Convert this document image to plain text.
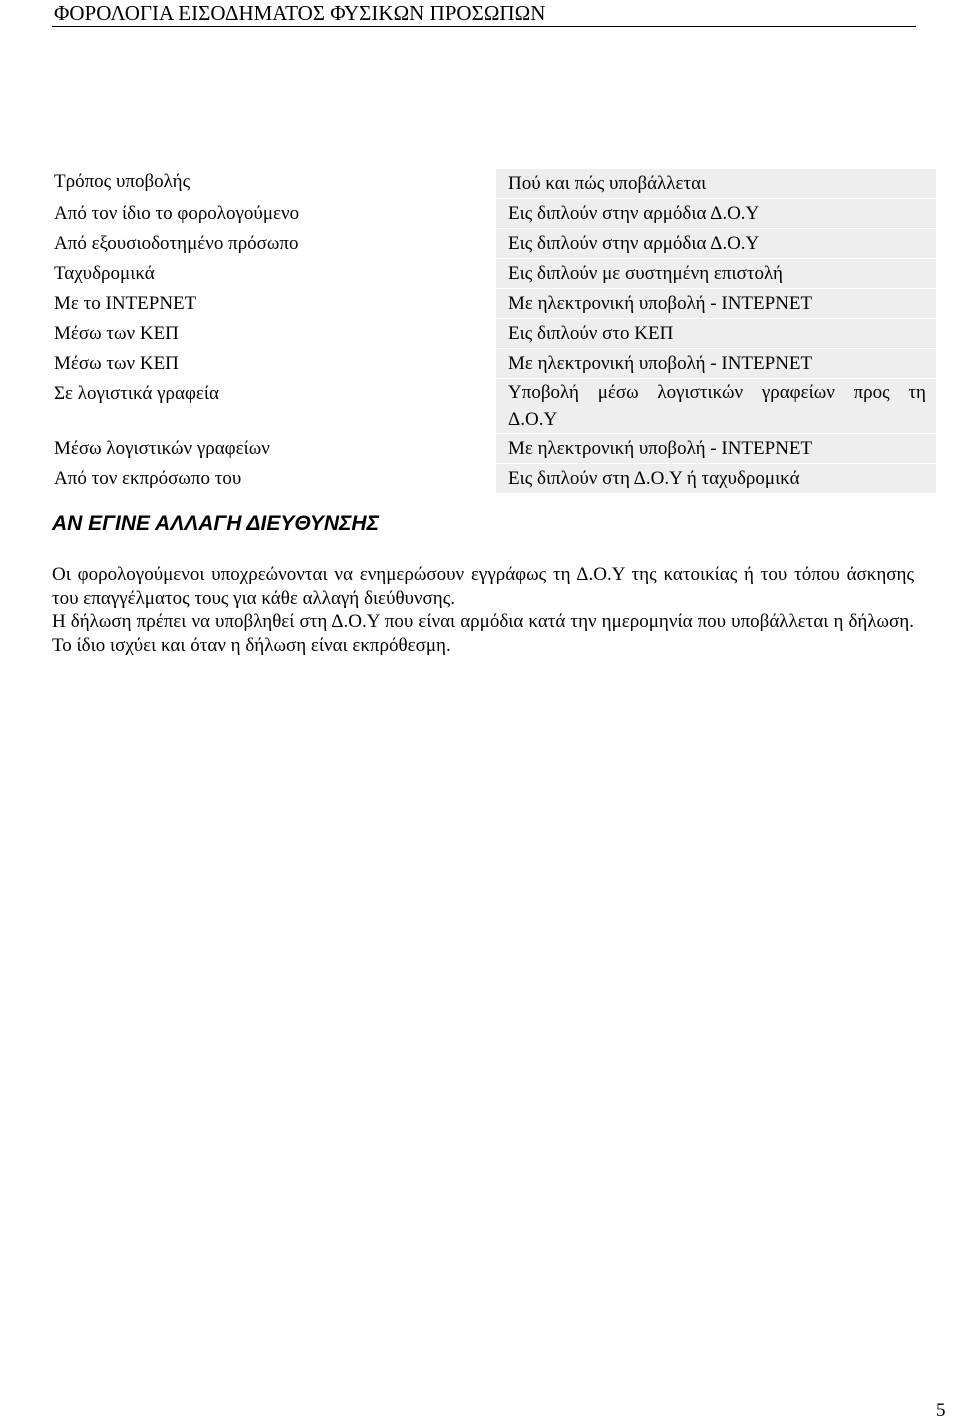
ΦΟΡΟΛΟΓΙΑ ΕΙΣΟΔΗΜΑΤΟΣ ΦΥΣΙΚΩΝ ΠΡΟΣΩΠΩΝ
Τρόπος υποβολής	Πού και πώς υποβάλλεται
Από τον ίδιο το φορολογούμενο	Εις διπλούν στην αρμόδια Δ.Ο.Υ
Από εξουσιοδοτημένο πρόσωπο	Εις διπλούν στην αρμόδια Δ.Ο.Υ
Ταχυδρομικά	Εις διπλούν με συστημένη επιστολή
Με το ΙΝΤΕΡΝΕΤ	Με ηλεκτρονική υποβολή - ΙΝΤΕΡΝΕΤ
Μέσω των ΚΕΠ	Εις διπλούν στο ΚΕΠ
Μέσω των ΚΕΠ	Με ηλεκτρονική υποβολή - ΙΝΤΕΡΝΕΤ
Σε λογιστικά γραφεία	Υποβολή μέσω λογιστικών γραφείων προς τη
Δ.Ο.Υ
Μέσω λογιστικών γραφείων	Με ηλεκτρονική υποβολή - ΙΝΤΕΡΝΕΤ
Από τον εκπρόσωπο του	Εις διπλούν στη Δ.Ο.Υ ή ταχυδρομικά
ΑΝ ΕΓΙΝΕ ΑΛΛΑΓΗ ΔΙΕΥΘΥΝΣΗΣ

Οι φορολογούμενοι υποχρεώνονται να ενημερώσουν εγγράφως τη Δ.Ο.Υ της κατοικίας ή του τόπου άσκησης του επαγγέλματος τους για κάθε αλλαγή διεύθυνσης.

Η δήλωση πρέπει να υποβληθεί στη Δ.Ο.Υ που είναι αρμόδια κατά την ημερομηνία που υποβάλλεται η δήλωση. Το ίδιο ισχύει και όταν η δήλωση είναι εκπρόθεσμη.

5
